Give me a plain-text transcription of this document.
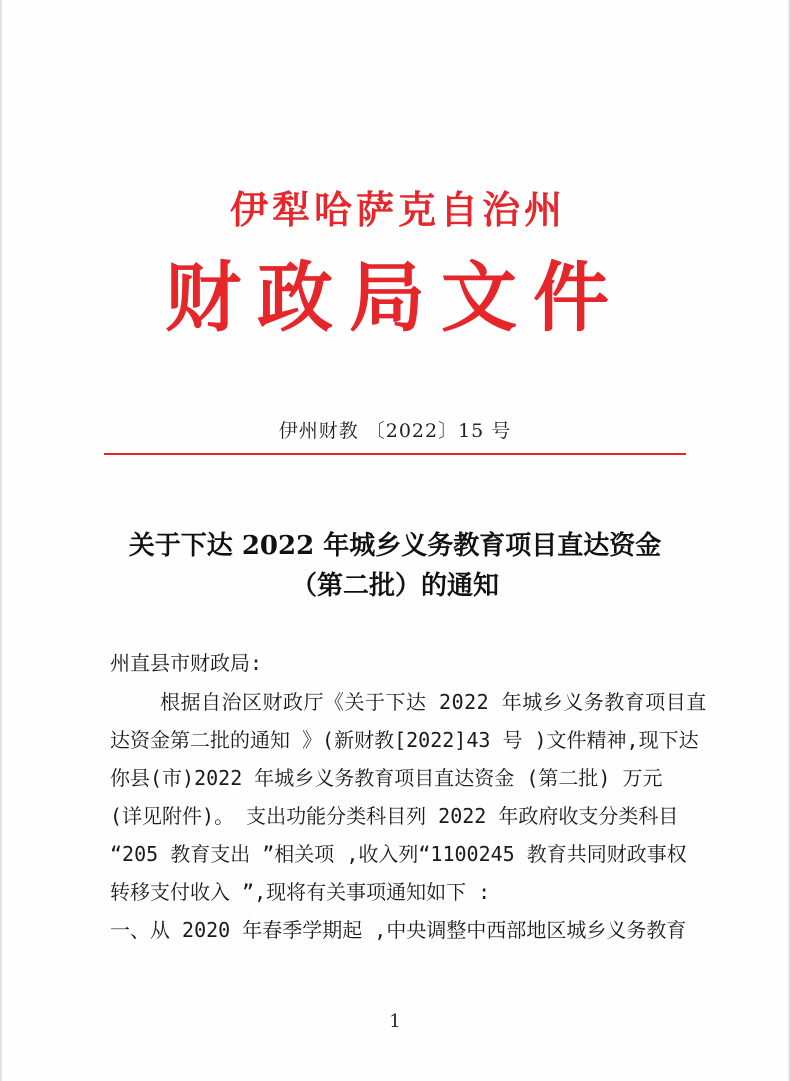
伊犁哈萨克自治州
财政局文件
伊州财教 〔2022〕15 号
关于下达 2022 年城乡义务教育项目直达资金
（第二批）的通知
州直县市财政局:
根据自治区财政厅《关于下达 2022 年城乡义务教育项目直
达资金第二批的通知 》(新财教[2022]43 号 )文件精神,现下达
你县(市)2022 年城乡义务教育项目直达资金 (第二批) 万元
(详见附件)。 支出功能分类科目列 2022 年政府收支分类科目
“205 教育支出 ”相关项 ,收入列“1100245 教育共同财政事权
转移支付收入 ”,现将有关事项通知如下 :
一、从 2020 年春季学期起 ,中央调整中西部地区城乡义务教育
1
